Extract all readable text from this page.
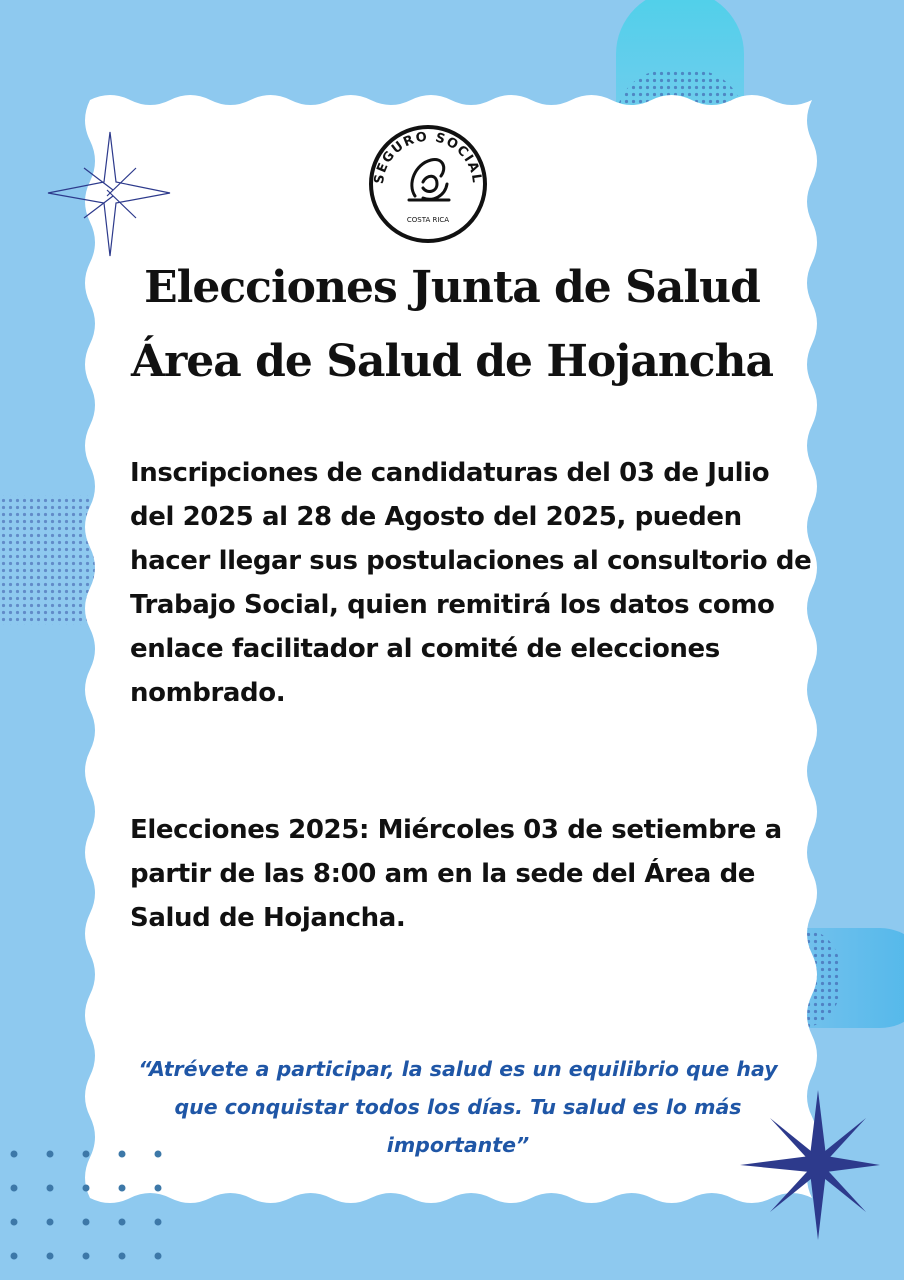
SEGURO SOCIAL
COSTA RICA
Elecciones Junta de Salud
Área de Salud de Hojancha

Inscripciones de candidaturas del 03 de Julio del 2025 al 28 de Agosto del 2025, pueden hacer llegar sus postulaciones al consultorio de Trabajo Social, quien remitirá los datos como enlace facilitador al comité de elecciones nombrado.

Elecciones 2025: Miércoles 03 de setiembre a partir de las 8:00 am en la sede del Área de Salud de Hojancha.

“Atrévete a participar, la salud es un equilibrio que hay que conquistar todos los días. Tu salud es lo más importante”
